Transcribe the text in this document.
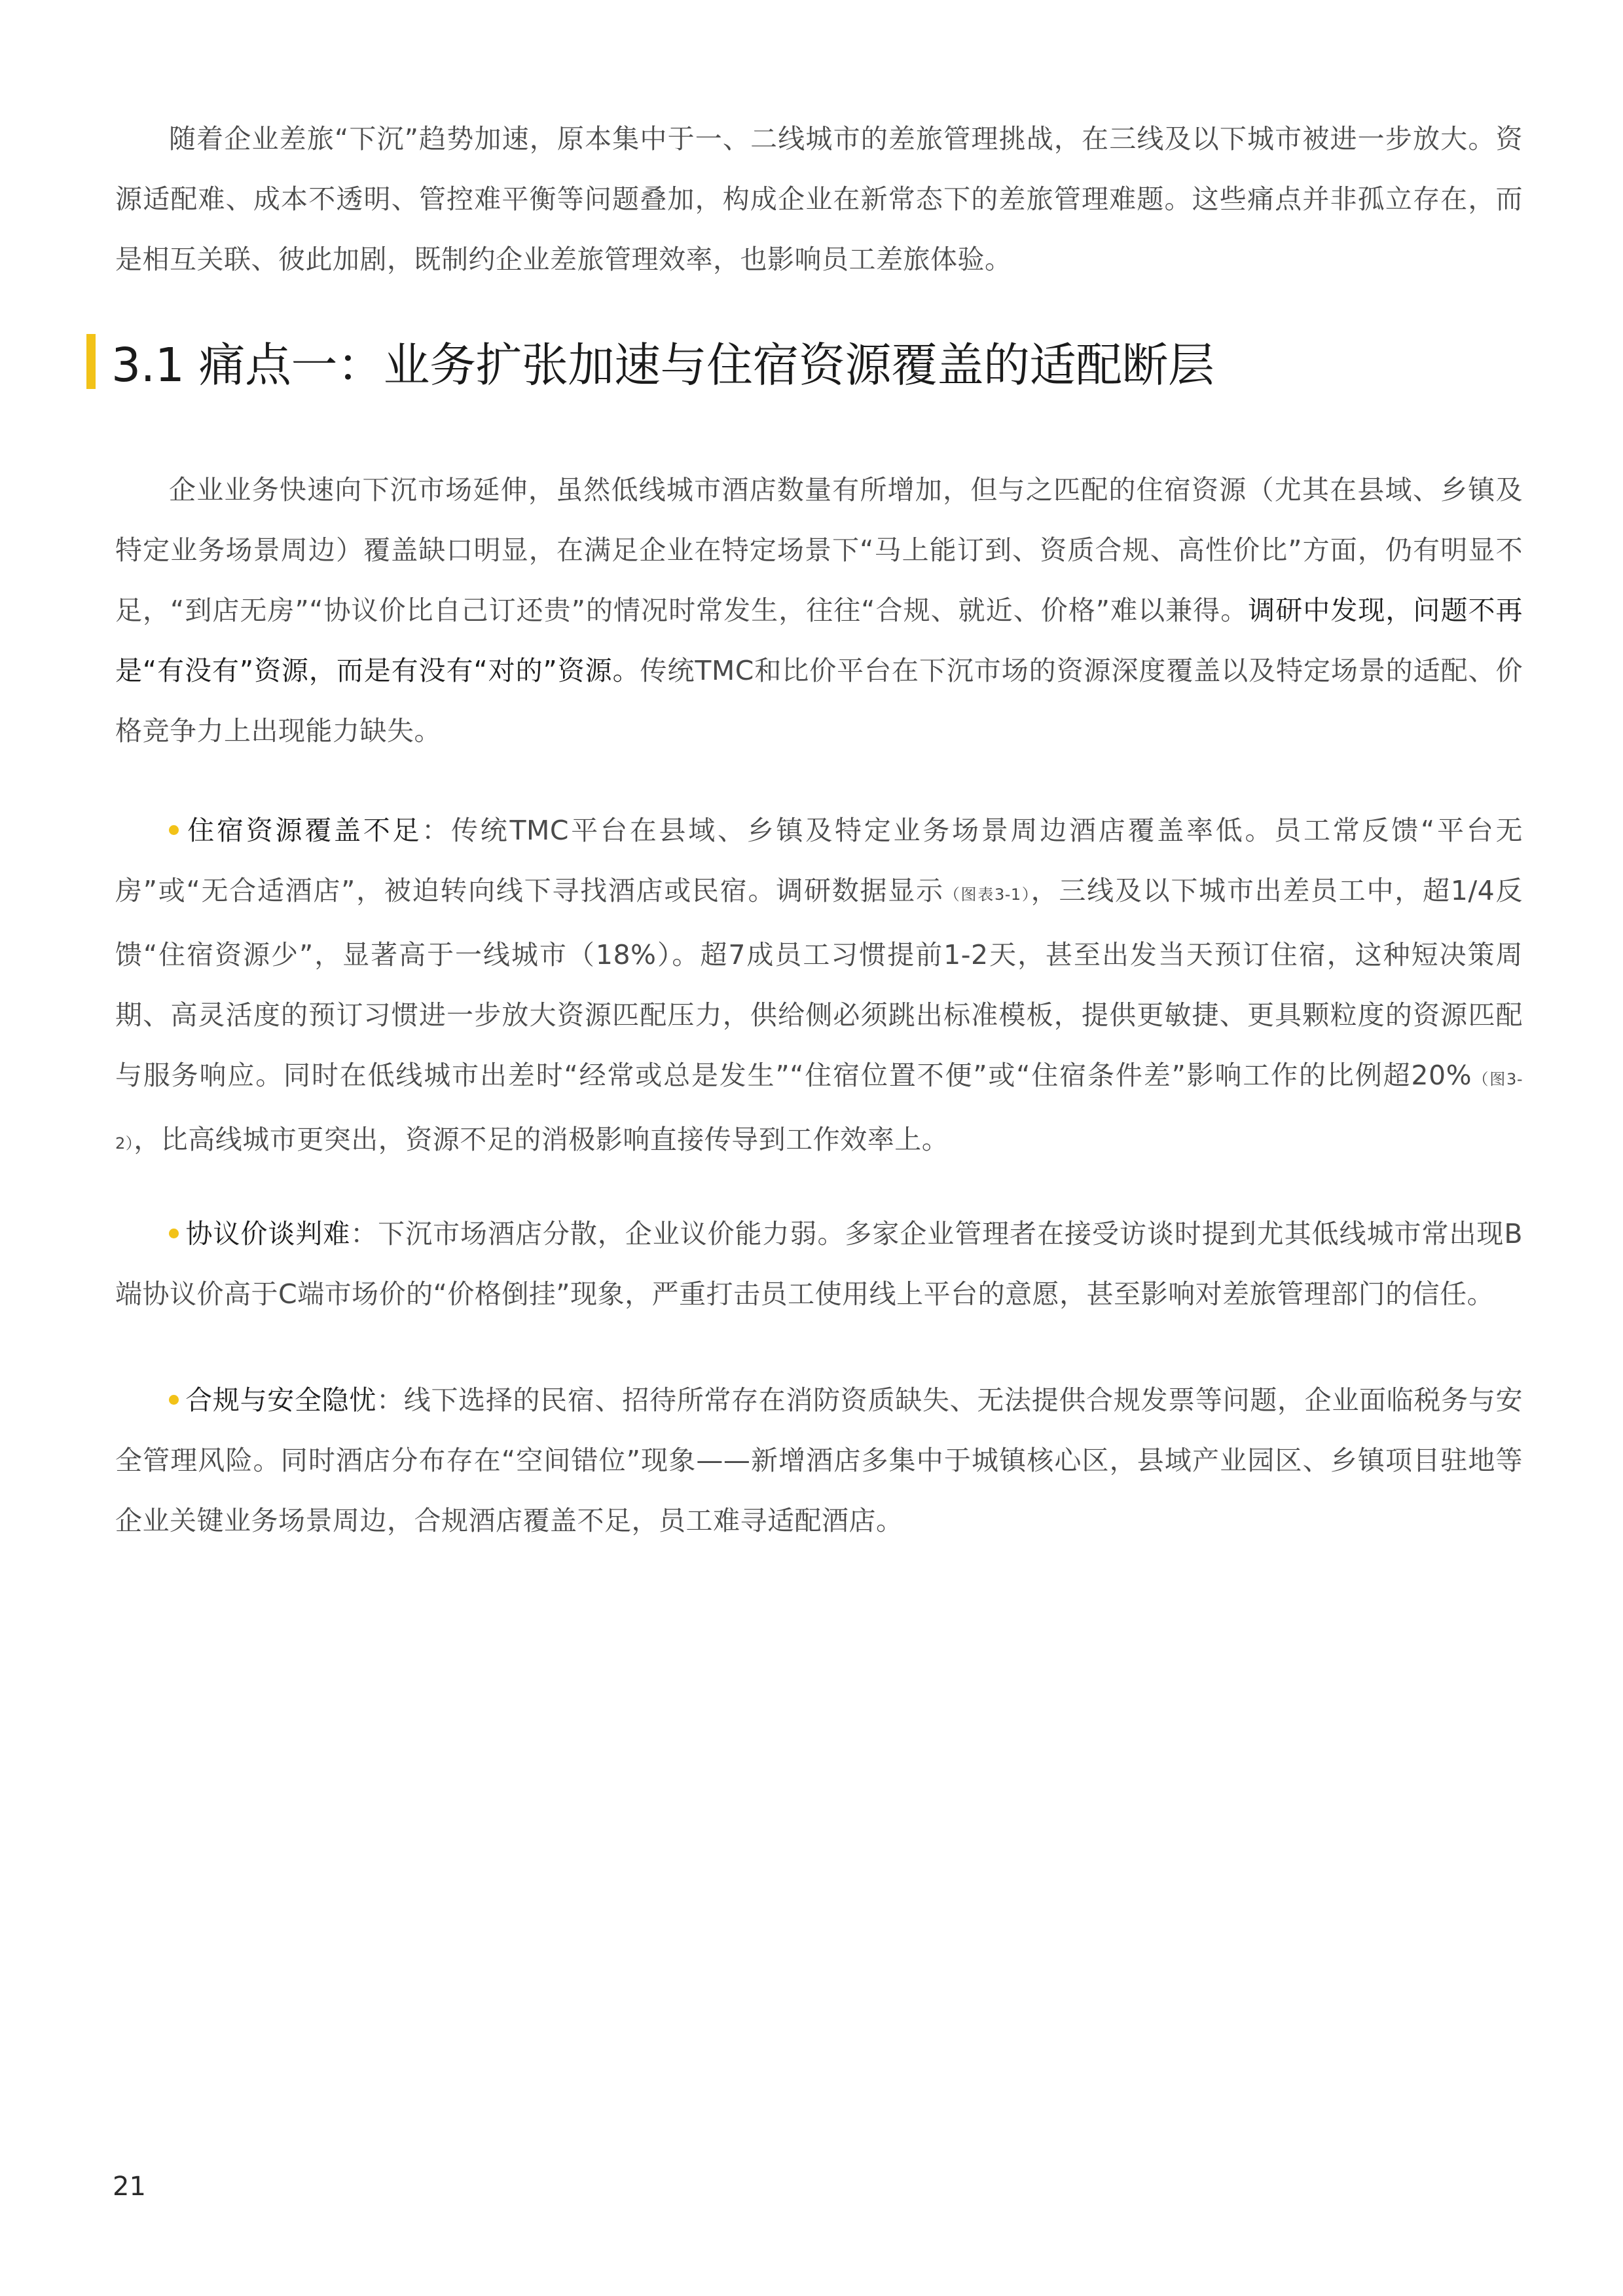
随着企业差旅“下沉”趋势加速，原本集中于一、二线城市的差旅管理挑战，在三线及以下城市被进一步放大。资源适配难、成本不透明、管控难平衡等问题叠加，构成企业在新常态下的差旅管理难题。这些痛点并非孤立存在，而是相互关联、彼此加剧，既制约企业差旅管理效率，也影响员工差旅体验。

3.1 痛点一：业务扩张加速与住宿资源覆盖的适配断层

企业业务快速向下沉市场延伸，虽然低线城市酒店数量有所增加，但与之匹配的住宿资源（尤其在县域、乡镇及特定业务场景周边）覆盖缺口明显，在满足企业在特定场景下“马上能订到、资质合规、高性价比”方面，仍有明显不足，“到店无房”“协议价比自己订还贵”的情况时常发生，往往“合规、就近、价格”难以兼得。调研中发现，问题不再是“有没有”资源，而是有没有“对的”资源。传统TMC和比价平台在下沉市场的资源深度覆盖以及特定场景的适配、价格竞争力上出现能力缺失。

住宿资源覆盖不足：传统TMC平台在县域、乡镇及特定业务场景周边酒店覆盖率低。员工常反馈“平台无房”或“无合适酒店”，被迫转向线下寻找酒店或民宿。调研数据显示（图表3-1），三线及以下城市出差员工中，超1/4反馈“住宿资源少”，显著高于一线城市（18%）。超7成员工习惯提前1-2天，甚至出发当天预订住宿，这种短决策周期、高灵活度的预订习惯进一步放大资源匹配压力，供给侧必须跳出标准模板，提供更敏捷、更具颗粒度的资源匹配与服务响应。同时在低线城市出差时“经常或总是发生”“住宿位置不便”或“住宿条件差”影响工作的比例超20%（图3-2），比高线城市更突出，资源不足的消极影响直接传导到工作效率上。

协议价谈判难：下沉市场酒店分散，企业议价能力弱。多家企业管理者在接受访谈时提到尤其低线城市常出现B端协议价高于C端市场价的“价格倒挂”现象，严重打击员工使用线上平台的意愿，甚至影响对差旅管理部门的信任。

合规与安全隐忧：线下选择的民宿、招待所常存在消防资质缺失、无法提供合规发票等问题，企业面临税务与安全管理风险。同时酒店分布存在“空间错位”现象——新增酒店多集中于城镇核心区，县域产业园区、乡镇项目驻地等企业关键业务场景周边，合规酒店覆盖不足，员工难寻适配酒店。

21
